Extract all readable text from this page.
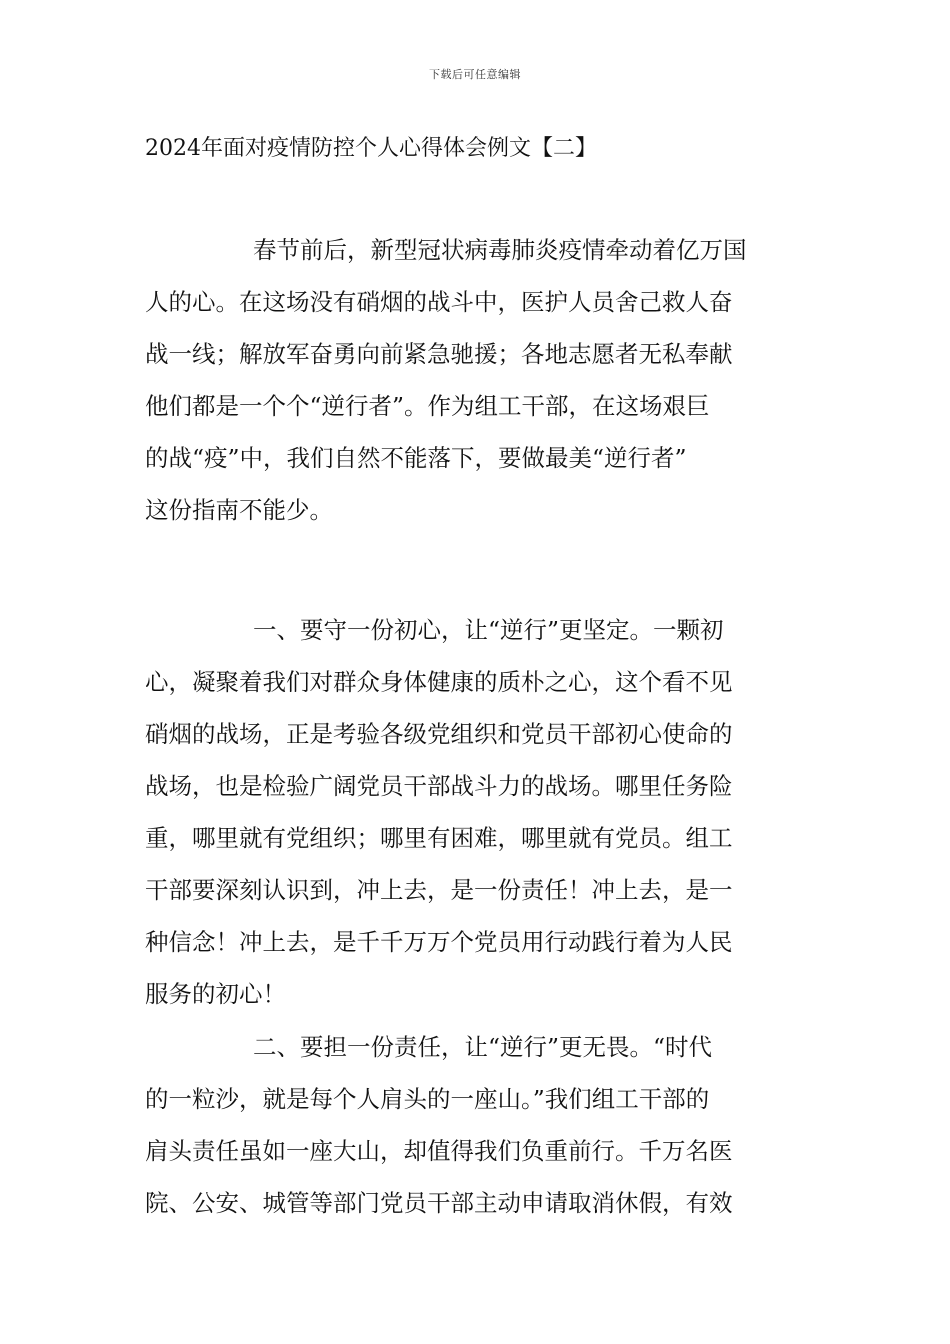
下载后可任意编辑
2024年面对疫情防控个人心得体会例文【二】
春节前后，新型冠状病毒肺炎疫情牵动着亿万国
人的心。在这场没有硝烟的战斗中，医护人员舍己救人奋
战一线；解放军奋勇向前紧急驰援；各地志愿者无私奉献
他们都是一个个“逆行者”。作为组工干部，在这场艰巨
的战“疫”中，我们自然不能落下，要做最美“逆行者”
这份指南不能少。
一、要守一份初心，让“逆行”更坚定。一颗初
心，凝聚着我们对群众身体健康的质朴之心，这个看不见
硝烟的战场，正是考验各级党组织和党员干部初心使命的
战场，也是检验广阔党员干部战斗力的战场。哪里任务险
重，哪里就有党组织；哪里有困难，哪里就有党员。组工
干部要深刻认识到，冲上去，是一份责任！冲上去，是一
种信念！冲上去，是千千万万个党员用行动践行着为人民
服务的初心！
二、要担一份责任，让“逆行”更无畏。“时代
的一粒沙，就是每个人肩头的一座山。”我们组工干部的
肩头责任虽如一座大山，却值得我们负重前行。千万名医
院、公安、城管等部门党员干部主动申请取消休假，有效
